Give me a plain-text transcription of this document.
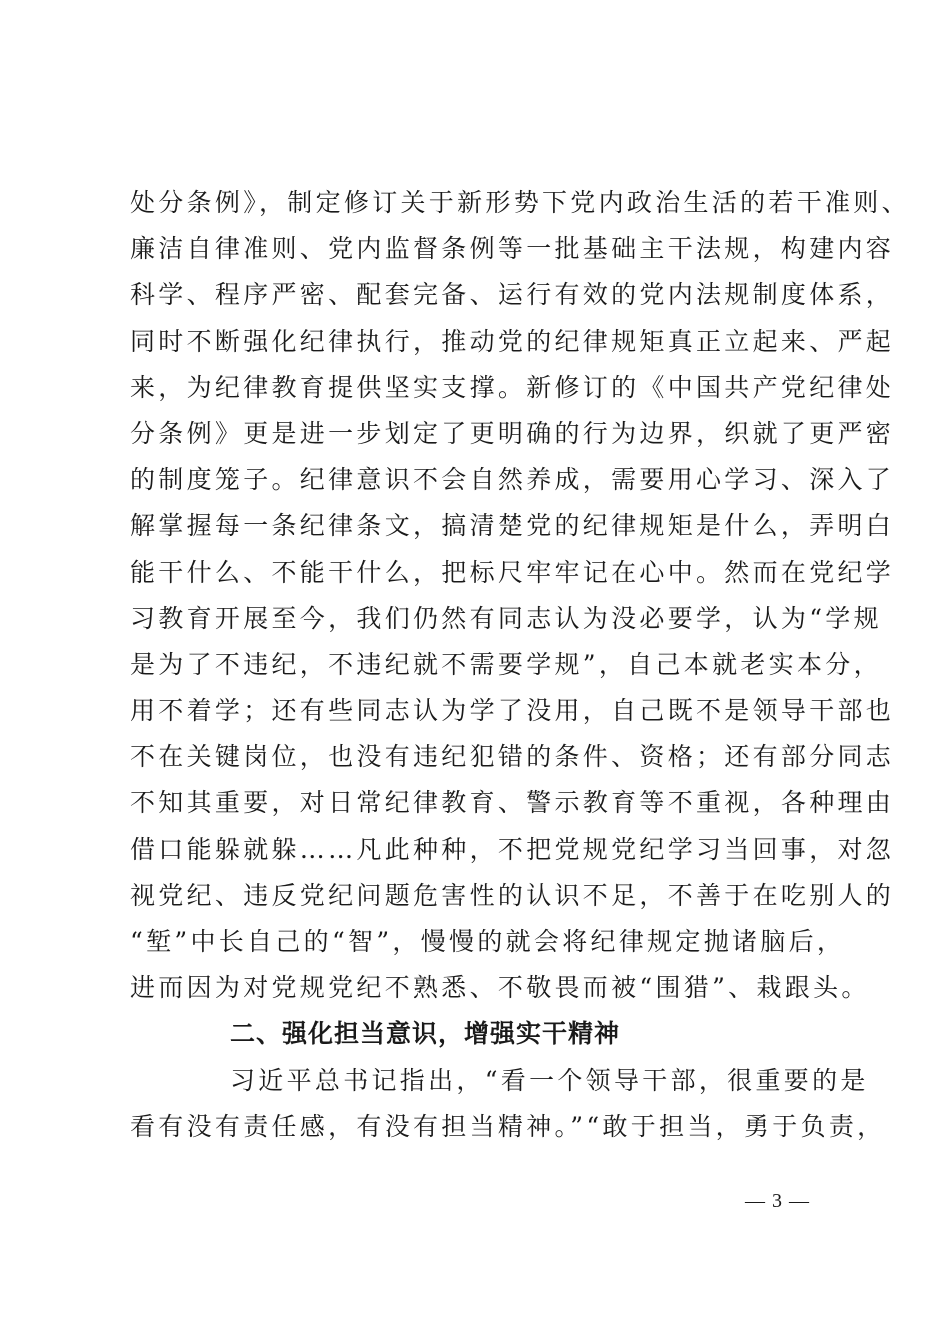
处分条例》，制定修订关于新形势下党内政治生活的若干准则、
廉洁自律准则、党内监督条例等一批基础主干法规，构建内容
科学、程序严密、配套完备、运行有效的党内法规制度体系，
同时不断强化纪律执行，推动党的纪律规矩真正立起来、严起
来，为纪律教育提供坚实支撑。新修订的《中国共产党纪律处
分条例》更是进一步划定了更明确的行为边界，织就了更严密
的制度笼子。纪律意识不会自然养成，需要用心学习、深入了
解掌握每一条纪律条文，搞清楚党的纪律规矩是什么，弄明白
能干什么、不能干什么，把标尺牢牢记在心中。然而在党纪学
习教育开展至今，我们仍然有同志认为没必要学，认为“学规
是为了不违纪，不违纪就不需要学规”，自己本就老实本分，
用不着学；还有些同志认为学了没用，自己既不是领导干部也
不在关键岗位，也没有违纪犯错的条件、资格；还有部分同志
不知其重要，对日常纪律教育、警示教育等不重视，各种理由
借口能躲就躲……凡此种种，不把党规党纪学习当回事，对忽
视党纪、违反党纪问题危害性的认识不足，不善于在吃别人的
“堑”中长自己的“智”，慢慢的就会将纪律规定抛诸脑后，
进而因为对党规党纪不熟悉、不敬畏而被“围猎”、栽跟头。
二、强化担当意识，增强实干精神
习近平总书记指出，“看一个领导干部，很重要的是
看有没有责任感，有没有担当精神。”“敢于担当，勇于负责，
— 3 —
